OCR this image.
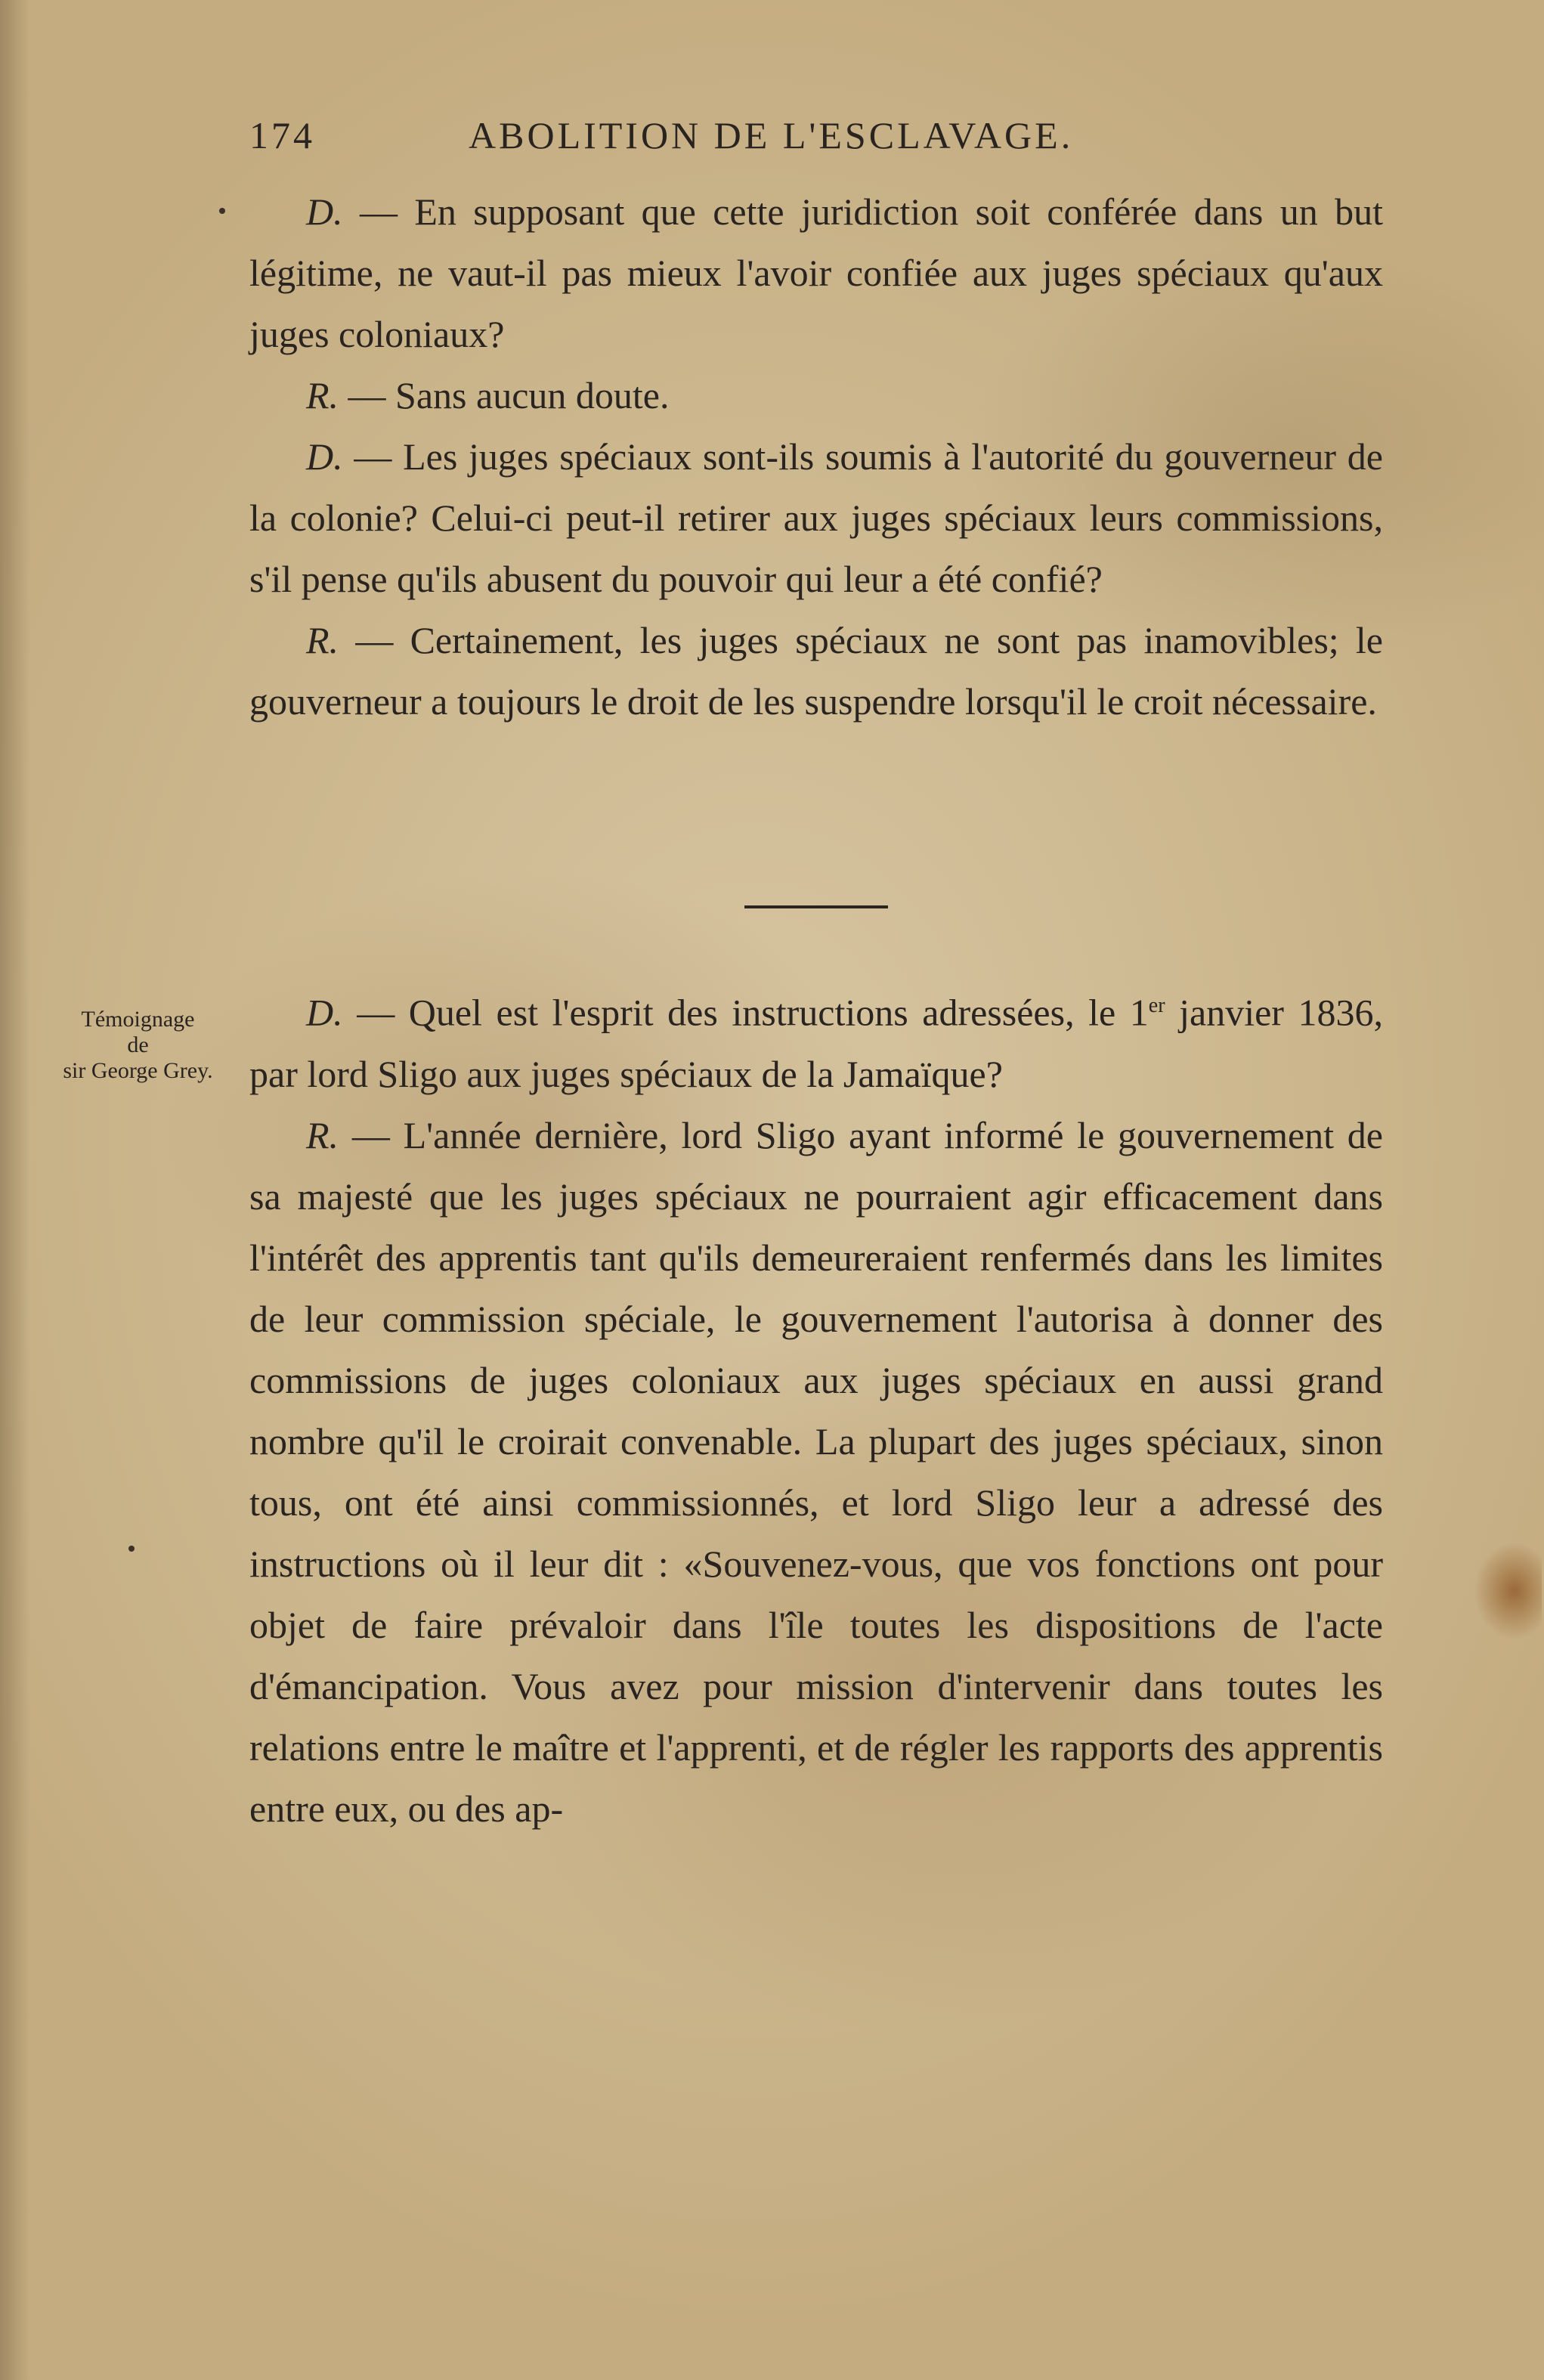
174	ABOLITION DE L'ESCLAVAGE.

D. — En supposant que cette juridiction soit conférée dans un but légitime, ne vaut-il pas mieux l'avoir confiée aux juges spéciaux qu'aux juges coloniaux?

R. — Sans aucun doute.

D. — Les juges spéciaux sont-ils soumis à l'autorité du gouverneur de la colonie? Celui-ci peut-il retirer aux juges spéciaux leurs commissions, s'il pense qu'ils abusent du pouvoir qui leur a été confié?

R. — Certainement, les juges spéciaux ne sont pas inamovibles; le gouverneur a toujours le droit de les suspendre lorsqu'il le croit nécessaire.

Témoignage
de
sir George Grey.

D. — Quel est l'esprit des instructions adressées, le 1er janvier 1836, par lord Sligo aux juges spéciaux de la Jamaïque?

R. — L'année dernière, lord Sligo ayant informé le gouvernement de sa majesté que les juges spéciaux ne pourraient agir efficacement dans l'intérêt des apprentis tant qu'ils demeureraient renfermés dans les limites de leur commission spéciale, le gouvernement l'autorisa à donner des commissions de juges coloniaux aux juges spéciaux en aussi grand nombre qu'il le croirait convenable. La plupart des juges spéciaux, sinon tous, ont été ainsi commissionnés, et lord Sligo leur a adressé des instructions où il leur dit : «Souvenez-vous, que vos fonctions ont pour objet de faire prévaloir dans l'île toutes les dispositions de l'acte d'émancipation. Vous avez pour mission d'intervenir dans toutes les relations entre le maître et l'apprenti, et de régler les rapports des apprentis entre eux, ou des ap-
